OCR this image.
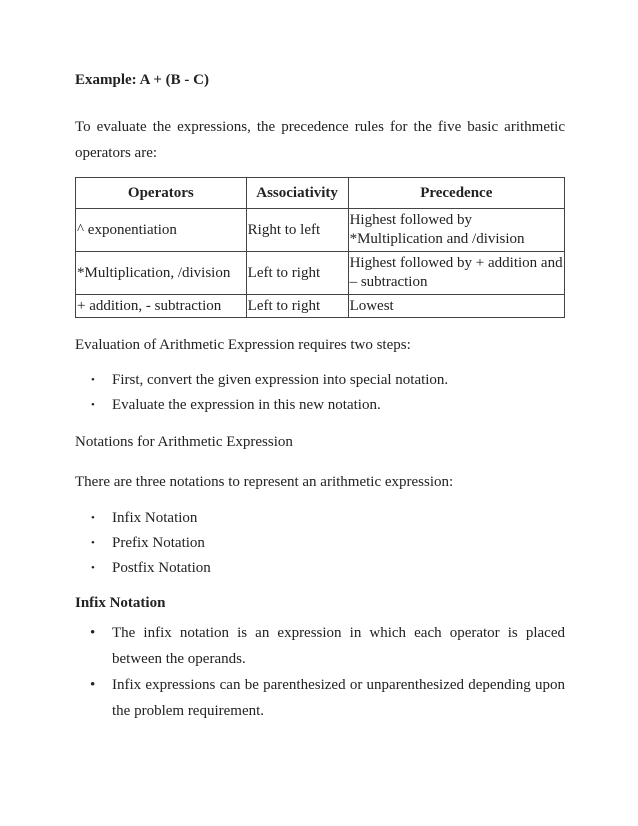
Example: A + (B - C)

To evaluate the expressions, the precedence rules for the five basic arithmetic operators are:

Operators	Associativity	Precedence
^ exponentiation	Right to left	Highest followed by *Multiplication and /division
*Multiplication, /division	Left to right	Highest followed by + addition and – subtraction
+ addition, - subtraction	Left to right	Lowest

Evaluation of Arithmetic Expression requires two steps:

• First, convert the given expression into special notation.
• Evaluate the expression in this new notation.

Notations for Arithmetic Expression

There are three notations to represent an arithmetic expression:

• Infix Notation
• Prefix Notation
• Postfix Notation

Infix Notation

• The infix notation is an expression in which each operator is placed between the operands.
• Infix expressions can be parenthesized or unparenthesized depending upon the problem requirement.
